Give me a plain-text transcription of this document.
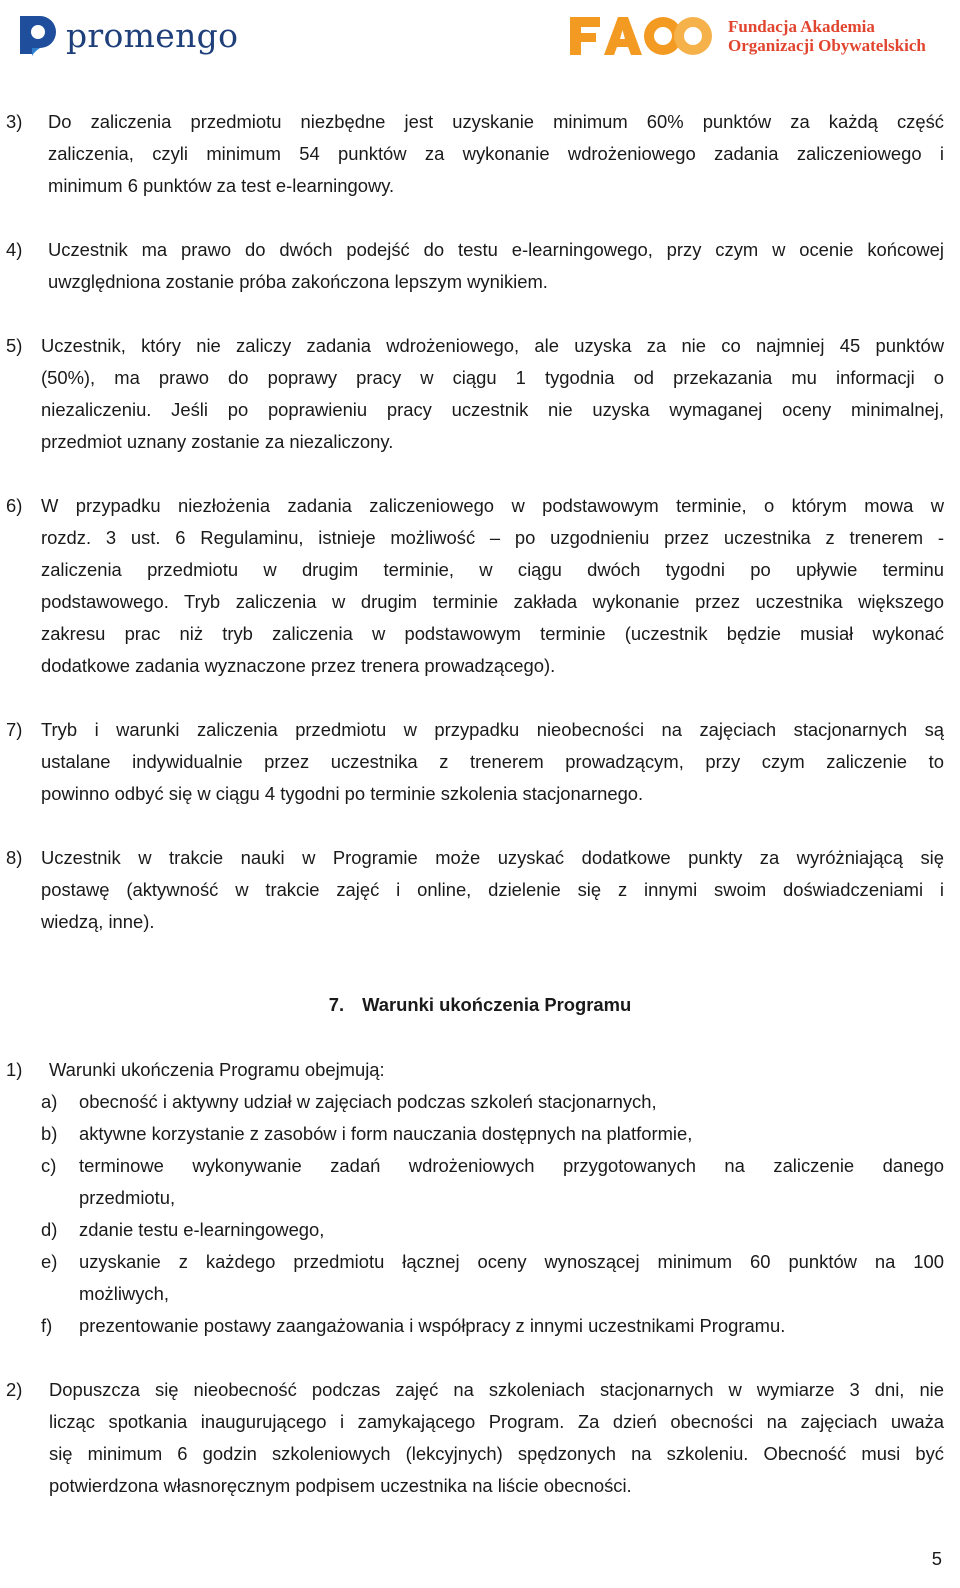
promengo	Fundacja Akademia
Organizacji Obywatelskich
3) Do zaliczenia przedmiotu niezbędne jest uzyskanie minimum 60% punktów za każdą część
zaliczenia, czyli minimum 54 punktów za wykonanie wdrożeniowego zadania zaliczeniowego i
minimum 6 punktów za test e-learningowy.
4) Uczestnik ma prawo do dwóch podejść do testu e-learningowego, przy czym w ocenie końcowej
uwzględniona zostanie próba zakończona lepszym wynikiem.
5) Uczestnik, który nie zaliczy zadania wdrożeniowego, ale uzyska za nie co najmniej 45 punktów
(50%), ma prawo do poprawy pracy w ciągu 1 tygodnia od przekazania mu informacji o
niezaliczeniu. Jeśli po poprawieniu pracy uczestnik nie uzyska wymaganej oceny minimalnej,
przedmiot uznany zostanie za niezaliczony.
6) W przypadku niezłożenia zadania zaliczeniowego w podstawowym terminie, o którym mowa w
rozdz. 3 ust. 6 Regulaminu, istnieje możliwość – po uzgodnieniu przez uczestnika z trenerem -
zaliczenia przedmiotu w drugim terminie, w ciągu dwóch tygodni po upływie terminu
podstawowego. Tryb zaliczenia w drugim terminie zakłada wykonanie przez uczestnika większego
zakresu prac niż tryb zaliczenia w podstawowym terminie (uczestnik będzie musiał wykonać
dodatkowe zadania wyznaczone przez trenera prowadzącego).
7) Tryb i warunki zaliczenia przedmiotu w przypadku nieobecności na zajęciach stacjonarnych są
ustalane indywidualnie przez uczestnika z trenerem prowadzącym, przy czym zaliczenie to
powinno odbyć się w ciągu 4 tygodni po terminie szkolenia stacjonarnego.
8) Uczestnik w trakcie nauki w Programie może uzyskać dodatkowe punkty za wyróżniającą się
postawę (aktywność w trakcie zajęć i online, dzielenie się z innymi swoim doświadczeniami i
wiedzą, inne).
7. Warunki ukończenia Programu
1) Warunki ukończenia Programu obejmują:
a) obecność i aktywny udział w zajęciach podczas szkoleń stacjonarnych,
b) aktywne korzystanie z zasobów i form nauczania dostępnych na platformie,
c) terminowe wykonywanie zadań wdrożeniowych przygotowanych na zaliczenie danego
przedmiotu,
d) zdanie testu e-learningowego,
e) uzyskanie z każdego przedmiotu łącznej oceny wynoszącej minimum 60 punktów na 100
możliwych,
f) prezentowanie postawy zaangażowania i współpracy z innymi uczestnikami Programu.
2) Dopuszcza się nieobecność podczas zajęć na szkoleniach stacjonarnych w wymiarze 3 dni, nie
licząc spotkania inaugurującego i zamykającego Program. Za dzień obecności na zajęciach uważa
się minimum 6 godzin szkoleniowych (lekcyjnych) spędzonych na szkoleniu. Obecność musi być
potwierdzona własnoręcznym podpisem uczestnika na liście obecności.
5
